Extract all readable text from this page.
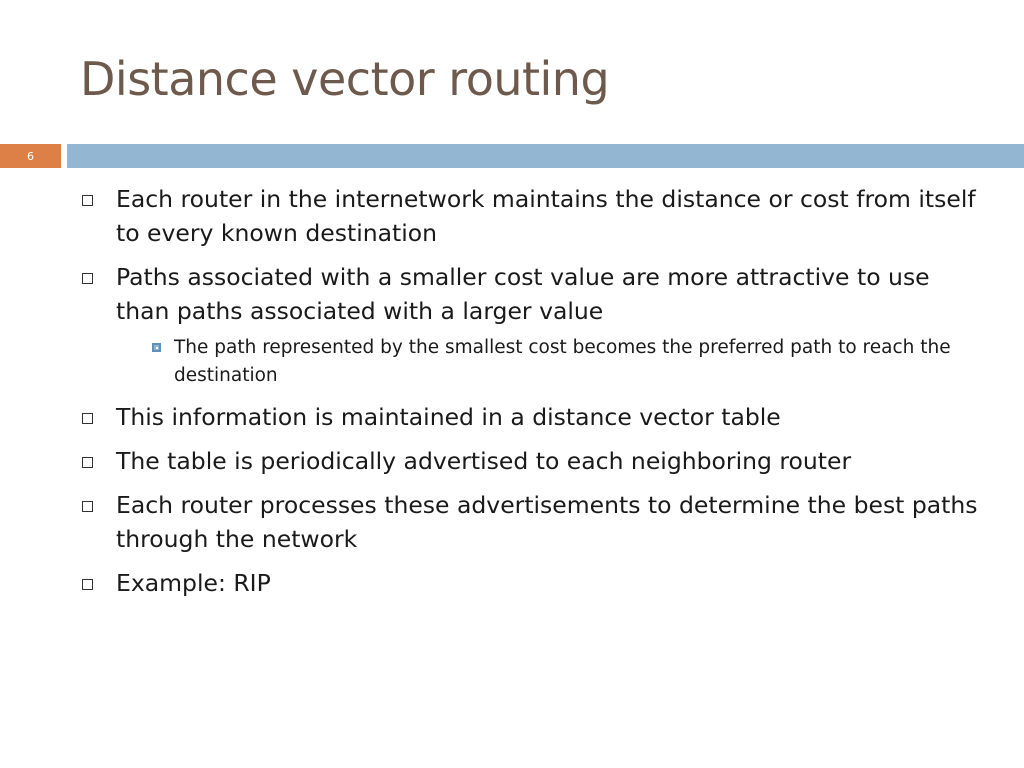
Distance vector routing
6
Each router in the internetwork maintains the distance or cost from itself to every known destination
Paths associated with a smaller cost value are more attractive to use than paths associated with a larger value
The path represented by the smallest cost becomes the preferred path to reach the destination
This information is maintained in a distance vector table
The table is periodically advertised to each neighboring router
Each router processes these advertisements to determine the best paths through the network
Example: RIP
